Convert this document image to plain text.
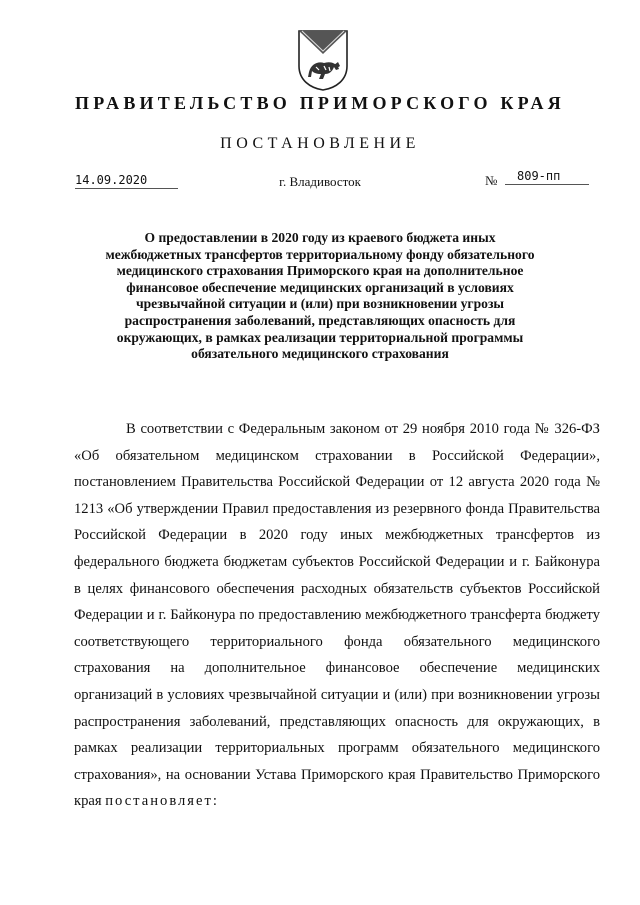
ПРАВИТЕЛЬСТВО ПРИМОРСКОГО КРАЯ
ПОСТАНОВЛЕНИЕ
14.09.2020	г. Владивосток	№	809-пп
О предоставлении в 2020 году из краевого бюджета иных межбюджетных трансфертов территориальному фонду обязательного медицинского страхования Приморского края на дополнительное финансовое обеспечение медицинских организаций в условиях чрезвычайной ситуации и (или) при возникновении угрозы распространения заболеваний, представляющих опасность для окружающих, в рамках реализации территориальной программы обязательного медицинского страхования

В соответствии с Федеральным законом от 29 ноября 2010 года № 326-ФЗ «Об обязательном медицинском страховании в Российской Федерации», постановлением Правительства Российской Федерации от 12 августа 2020 года № 1213 «Об утверждении Правил предоставления из резервного фонда Правительства Российской Федерации в 2020 году иных межбюджетных трансфертов из федерального бюджета бюджетам субъектов Российской Федерации и г. Байконура в целях финансового обеспечения расходных обязательств субъектов Российской Федерации и г. Байконура по предоставлению межбюджетного трансферта бюджету соответствующего территориального фонда обязательного медицинского страхования на дополнительное финансовое обеспечение медицинских организаций в условиях чрезвычайной ситуации и (или) при возникновении угрозы распространения заболеваний, представляющих опасность для окружающих, в рамках реализации территориальных программ обязательного медицинского страхования», на основании Устава Приморского края Правительство Приморского края постановляет:
